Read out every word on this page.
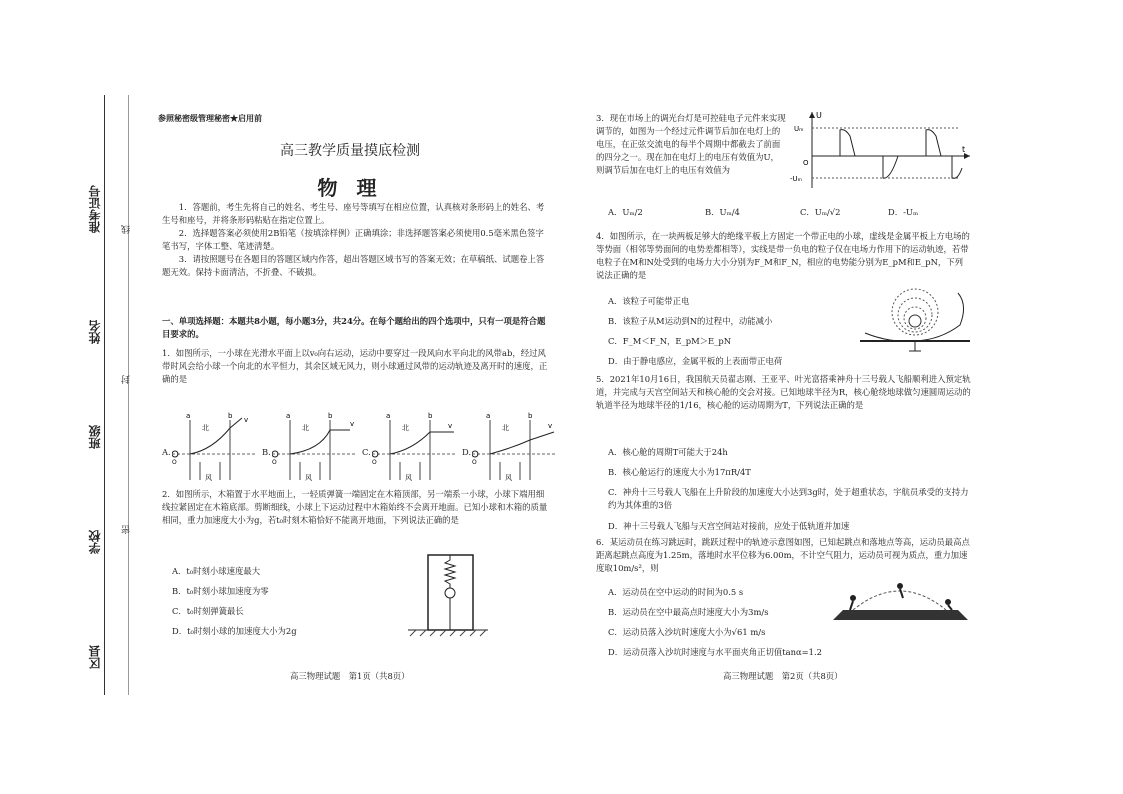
准考证号
姓名
班级
学校
区县
线
封
密
参照秘密级管理秘密★启用前
高三教学质量摸底检测
物 理
1．答题前，考生先将自己的姓名、考生号、座号等填写在相应位置，认真核对条形码上的姓名、考生号和座号，并将条形码粘贴在指定位置上。
2．选择题答案必须使用2B铅笔（按填涂样例）正确填涂；非选择题答案必须使用0.5毫米黑色签字笔书写，字体工整、笔迹清楚。
3．请按照题号在各题目的答题区域内作答，超出答题区域书写的答案无效；在草稿纸、试题卷上答题无效。保持卡面清洁，不折叠、不破损。
一、单项选择题：本题共8小题，每小题3分，共24分。在每个题给出的四个选项中，只有一项是符合题目要求的。
1．如图所示，一小球在光滑水平面上以v₀向右运动，运动中要穿过一段风向水平向北的风带ab，经过风带时风会给小球一个向北的水平恒力，其余区域无风力，则小球通过风带的运动轨迹及离开时的速度，正确的是
A.
a	b v
北
风
O
B.
a	b
v
北
风
O
C.
a	b
v
北
风
O
D.
a	b
v
北
风
O
2．如图所示，木箱置于水平地面上，一轻质弹簧一端固定在木箱顶部，另一端系一小球，小球下端用细线拉紧固定在木箱底部。剪断细线，小球上下运动过程中木箱始终不会离开地面。已知小球和木箱的质量相同，重力加速度大小为g，若t₀时刻木箱恰好不能离开地面，下列说法正确的是
A．t₀时刻小球速度最大
B．t₀时刻小球加速度为零
C．t₀时刻弹簧最长
D．t₀时刻小球的加速度大小为2g
高三物理试题　第1页（共8页）
3．现在市场上的调光台灯是可控硅电子元件来实现调节的，如图为一个经过元件调节后加在电灯上的电压，在正弦交流电的每半个周期中都截去了前面的四分之一。现在加在电灯上的电压有效值为U，则调节后加在电灯上的电压有效值为
U
t
Uₘ
-Uₘ
O
A．Uₘ/2	B．Uₘ/4	C．Uₘ/√2	D．-Uₘ
4．如图所示，在一块两板足够大的绝缘平板上方固定一个带正电的小球，虚线是金属平板上方电场的等势面（相邻等势面间的电势差都相等），实线是带一负电的粒子仅在电场力作用下的运动轨迹，若带电粒子在M和N处受到的电场力大小分别为F_M和F_N，相应的电势能分别为E_pM和E_pN，下列说法正确的是
A．该粒子可能带正电
B．该粒子从M运动到N的过程中，动能减小
C．F_M＜F_N，E_pM＞E_pN
D．由于静电感应，金属平板的上表面带正电荷
5．2021年10月16日，我国航天员翟志刚、王亚平、叶光富搭乘神舟十三号载人飞船顺利进入预定轨道，并完成与天宫空间站天和核心舱的交会对接。已知地球半径为R，核心舱绕地球做匀速圆周运动的轨道半径为地球半径的1/16，核心舱的运动周期为T，下列说法正确的是
A．核心舱的周期T可能大于24h
B．核心舱运行的速度大小为17πR/4T
C．神舟十三号载人飞船在上升阶段的加速度大小达到3g时，处于超重状态，宇航员承受的支持力约为其体重的3倍
D．神十三号载人飞船与天宫空间站对接前，应处于低轨道并加速
6．某运动员在练习跳远时，跳跃过程中的轨迹示意图如图，已知起跳点和落地点等高，运动员最高点距离起跳点高度为1.25m，落地时水平位移为6.00m，不计空气阻力，运动员可视为质点，重力加速度取10m/s²，则
A．运动员在空中运动的时间为0.5 s
B．运动员在空中最高点时速度大小为3m/s
C．运动员落入沙坑时速度大小为√61 m/s
D．运动员落入沙坑时速度与水平面夹角正切值tanα=1.2
高三物理试题　第2页（共8页）
